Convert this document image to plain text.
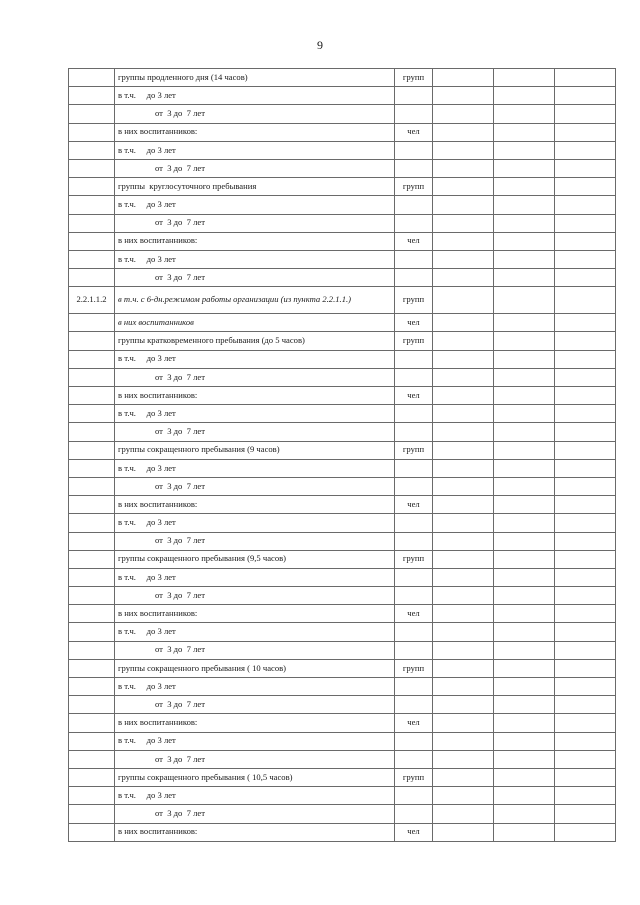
9
	группы продленного дня (14 часов)	групп			
	в т.ч.     до 3 лет				
	от  3 до  7 лет				
	в них воспитанников:	чел			
	в т.ч.     до 3 лет				
	от  3 до  7 лет				
	группы  круглосуточного пребывания	групп			
	в т.ч.     до 3 лет				
	от  3 до  7 лет				
	в них воспитанников:	чел			
	в т.ч.     до 3 лет				
	от  3 до  7 лет				
2.2.1.1.2	в т.ч. с 6-дн.режимом работы организации (из пункта 2.2.1.1.)	групп			
	в них воспитанников	чел			
	группы кратковременного пребывания (до 5 часов)	групп			
	в т.ч.     до 3 лет				
	от  3 до  7 лет				
	в них воспитанников:	чел			
	в т.ч.     до 3 лет				
	от  3 до  7 лет				
	группы сокращенного пребывания (9 часов)	групп			
	в т.ч.     до 3 лет				
	от  3 до  7 лет				
	в них воспитанников:	чел			
	в т.ч.     до 3 лет				
	от  3 до  7 лет				
	группы сокращенного пребывания (9,5 часов)	групп			
	в т.ч.     до 3 лет				
	от  3 до  7 лет				
	в них воспитанников:	чел			
	в т.ч.     до 3 лет				
	от  3 до  7 лет				
	группы сокращенного пребывания ( 10 часов)	групп			
	в т.ч.     до 3 лет				
	от  3 до  7 лет				
	в них воспитанников:	чел			
	в т.ч.     до 3 лет				
	от  3 до  7 лет				
	группы сокращенного пребывания ( 10,5 часов)	групп			
	в т.ч.     до 3 лет				
	от  3 до  7 лет				
	в них воспитанников:	чел			
